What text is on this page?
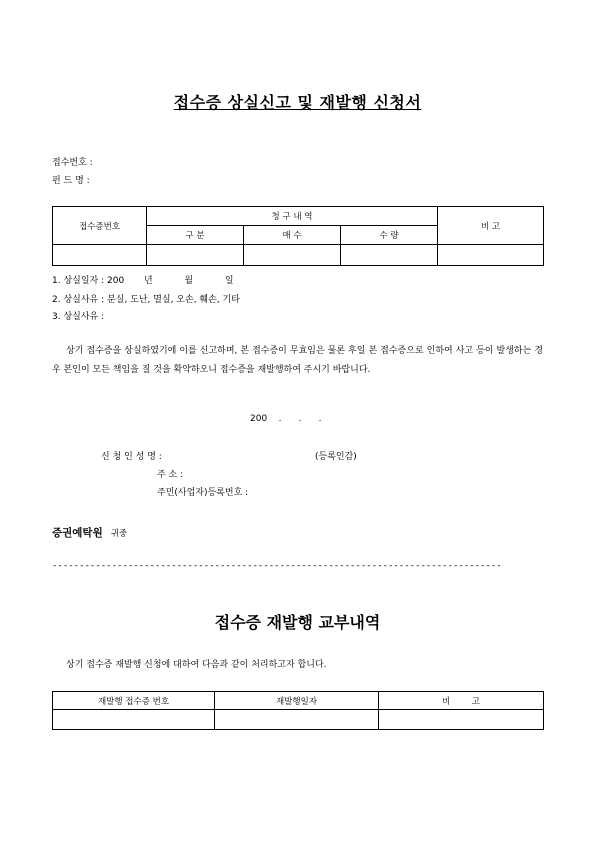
접수증 상실신고 및 재발행 신청서
접수번호 :
펀 드 명 :
접수증번호	청 구 내 역			비 고
	구 분	매 수	수 량	

1. 상실일자 : 200 년	월	일
2. 상실사유 : 분실, 도난, 멸실, 오손, 훼손, 기타
3. 상실사유 :
상기 접수증을 상실하였기에 이를 신고하며, 본 접수증이 무효임은 물론 후일 본 접수증으로 인하여 사고 등이 발생하는 경우 본인이 모든 책임을 질 것을 확약하오니 접수증을 재발행하여 주시기 바랍니다.
200    .      .      .
신 청 인 성 명 :	(등록인감)
주 소 :
주민(사업자)등록번호 :
증권예탁원 귀중
-----------------------------------------------------------------------------------
접수증 재발행 교부내역
상기 접수증 재발행 신청에 대하여 다음과 같이 처리하고자 합니다.
재발행 접수증 번호	재발행일자	비        고
